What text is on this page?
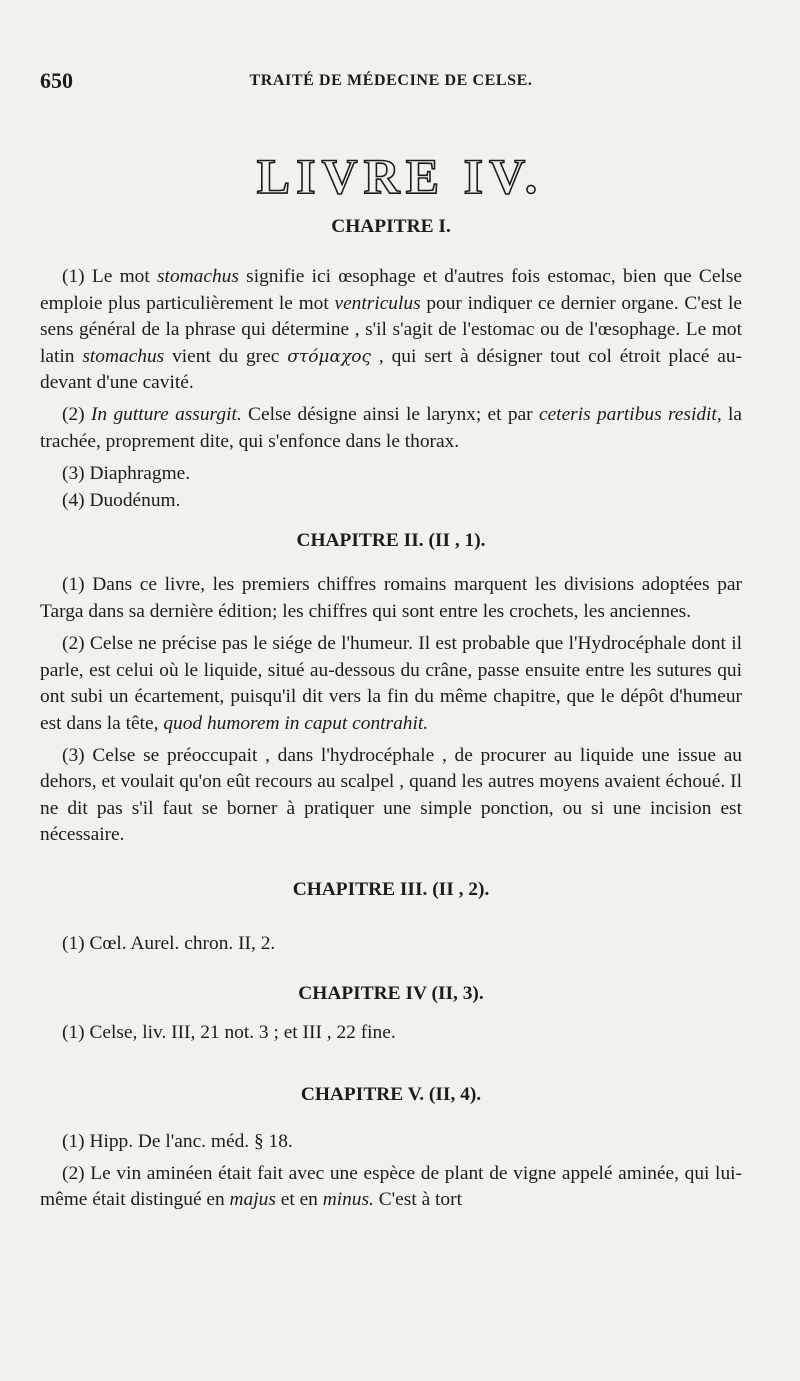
650	TRAITÉ DE MÉDECINE DE CELSE.
LIVRE IV.
CHAPITRE I.

(1) Le mot stomachus signifie ici œsophage et d'autres fois estomac, bien que Celse emploie plus particulièrement le mot ventriculus pour indiquer ce dernier organe. C'est le sens général de la phrase qui détermine , s'il s'agit de l'estomac ou de l'œsophage. Le mot latin stomachus vient du grec στόμαχος , qui sert à désigner tout col étroit placé au-devant d'une cavité.

(2) In gutture assurgit. Celse désigne ainsi le larynx; et par ceteris partibus residit, la trachée, proprement dite, qui s'enfonce dans le thorax.

(3) Diaphragme.

(4) Duodénum.

CHAPITRE II. (II , 1).

(1) Dans ce livre, les premiers chiffres romains marquent les divisions adoptées par Targa dans sa dernière édition; les chiffres qui sont entre les crochets, les anciennes.

(2) Celse ne précise pas le siége de l'humeur. Il est probable que l'Hydrocéphale dont il parle, est celui où le liquide, situé au-dessous du crâne, passe ensuite entre les sutures qui ont subi un écartement, puisqu'il dit vers la fin du même chapitre, que le dépôt d'humeur est dans la tête, quod humorem in caput contrahit.

(3) Celse se préoccupait , dans l'hydrocéphale , de procurer au liquide une issue au dehors, et voulait qu'on eût recours au scalpel , quand les autres moyens avaient échoué. Il ne dit pas s'il faut se borner à pratiquer une simple ponction, ou si une incision est nécessaire.

CHAPITRE III. (II , 2).

(1) Cœl. Aurel. chron. II, 2.

CHAPITRE IV (II, 3).

(1) Celse, liv. III, 21 not. 3 ; et III , 22 fine.

CHAPITRE V. (II, 4).

(1) Hipp. De l'anc. méd. § 18.

(2) Le vin aminéen était fait avec une espèce de plant de vigne appelé aminée, qui lui-même était distingué en majus et en minus. C'est à tort
